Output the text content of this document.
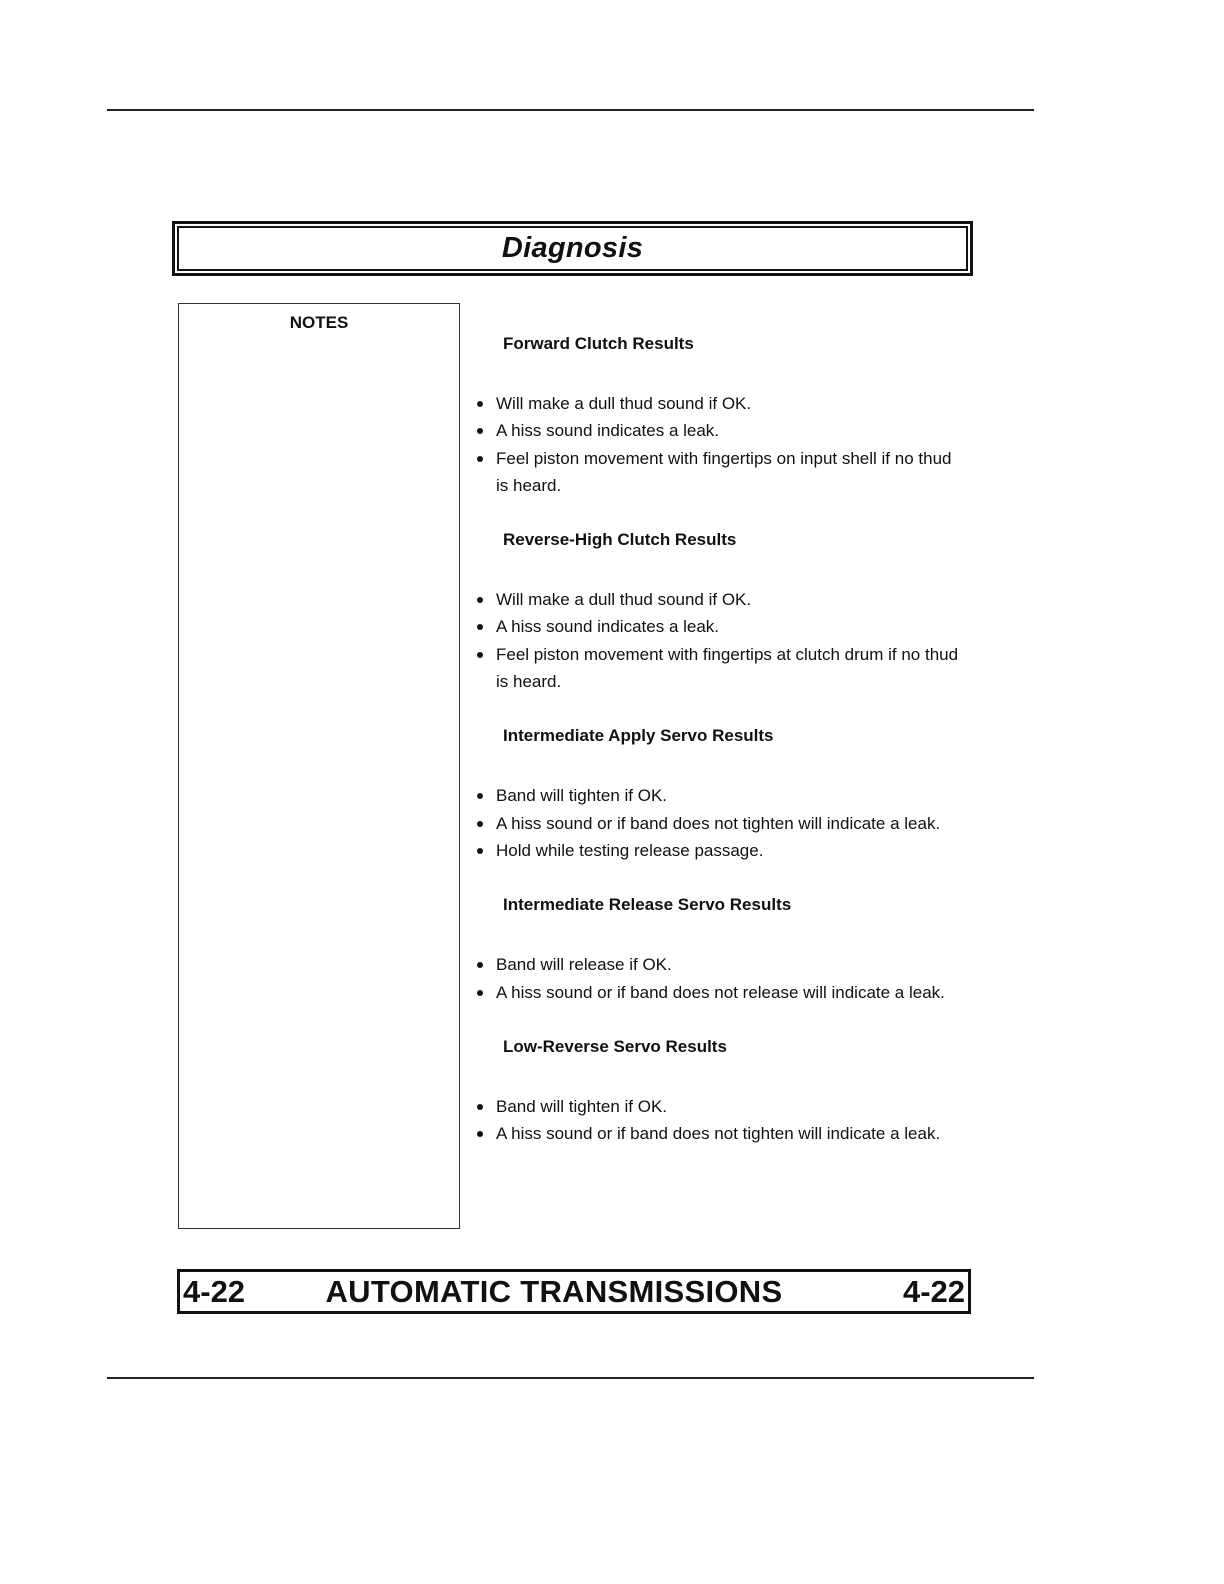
Diagnosis
NOTES
Forward Clutch Results
Will make a dull thud sound if OK.
A hiss sound indicates a leak.
Feel piston movement with fingertips on input shell if no thud is heard.
Reverse-High Clutch Results
Will make a dull thud sound if OK.
A hiss sound indicates a leak.
Feel piston movement with fingertips at clutch drum if no thud is heard.
Intermediate Apply Servo Results
Band will tighten if OK.
A hiss sound or if band does not tighten will indicate a leak.
Hold while testing release passage.
Intermediate Release Servo Results
Band will release if OK.
A hiss sound or if band does not release will indicate a leak.
Low-Reverse Servo Results
Band will tighten if OK.
A hiss sound or if band does not tighten will indicate a leak.
4-22	AUTOMATIC TRANSMISSIONS	4-22
